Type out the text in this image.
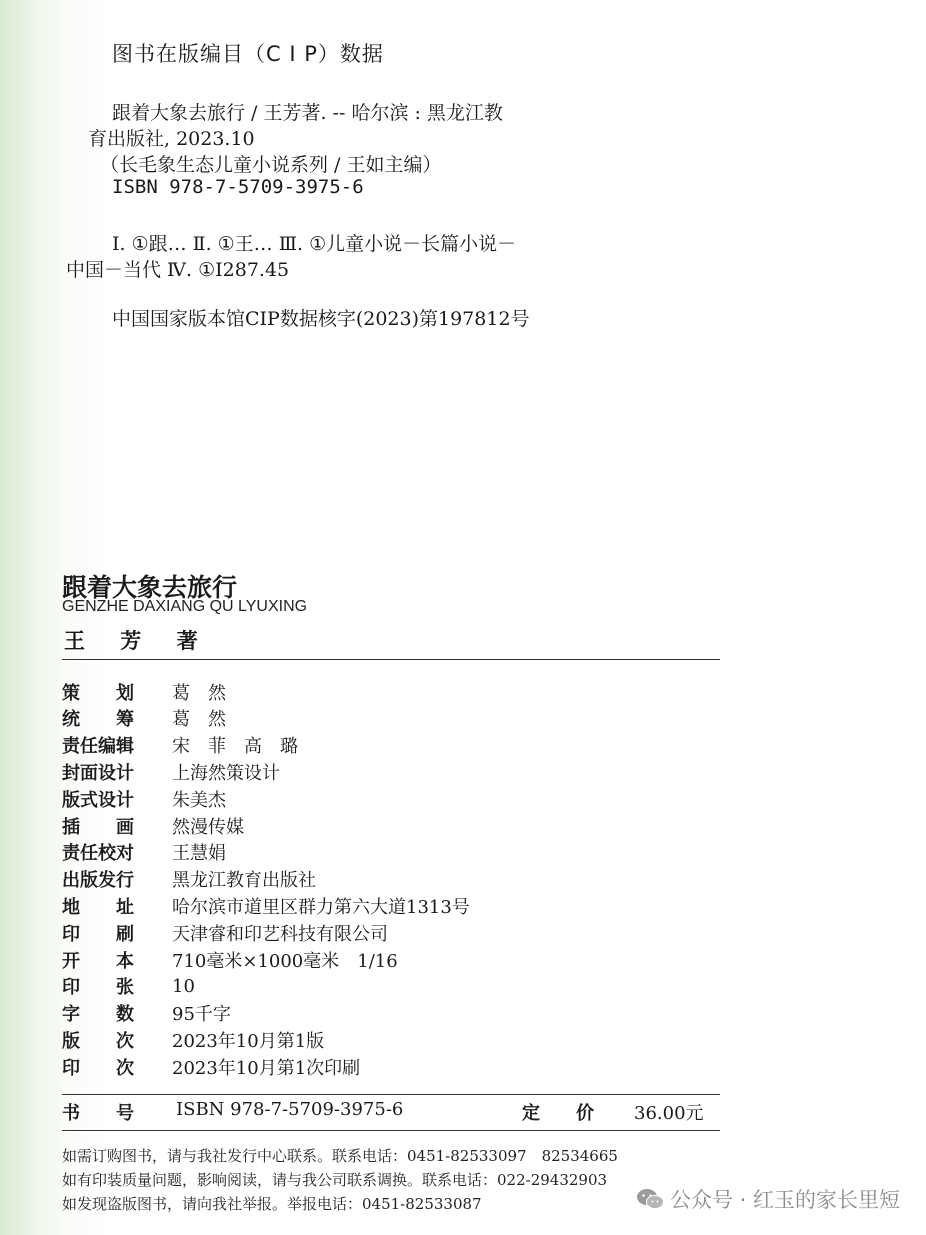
图书在版编目（C I P）数据
跟着大象去旅行 / 王芳著. -- 哈尔滨 : 黑龙江教
育出版社, 2023.10
（长毛象生态儿童小说系列 / 王如主编）
ISBN 978-7-5709-3975-6
Ⅰ. ①跟… Ⅱ. ①王… Ⅲ. ①儿童小说－长篇小说－
中国－当代 Ⅳ. ①I287.45
中国国家版本馆CIP数据核字(2023)第197812号
跟着大象去旅行
GENZHE DAXIANG QU LYUXING
王 芳 著
策　　划	葛　然
统　　筹	葛　然
责任编辑	宋　菲　高　璐
封面设计	上海然策设计
版式设计	朱美杰
插　　画	然漫传媒
责任校对	王慧娟
出版发行	黑龙江教育出版社
地　　址	哈尔滨市道里区群力第六大道1313号
印　　刷	天津睿和印艺科技有限公司
开　　本	710毫米×1000毫米　1/16
印　　张	10
字　　数	95千字
版　　次	2023年10月第1版
印　　次	2023年10月第1次印刷
书　　号 ISBN 978-7-5709-3975-6	定　　价 36.00元
如需订购图书，请与我社发行中心联系。联系电话：0451-82533097　82534665
如有印装质量问题，影响阅读，请与我公司联系调换。联系电话：022-29432903
如发现盗版图书，请向我社举报。举报电话：0451-82533087	公众号 · 红玉的家长里短
